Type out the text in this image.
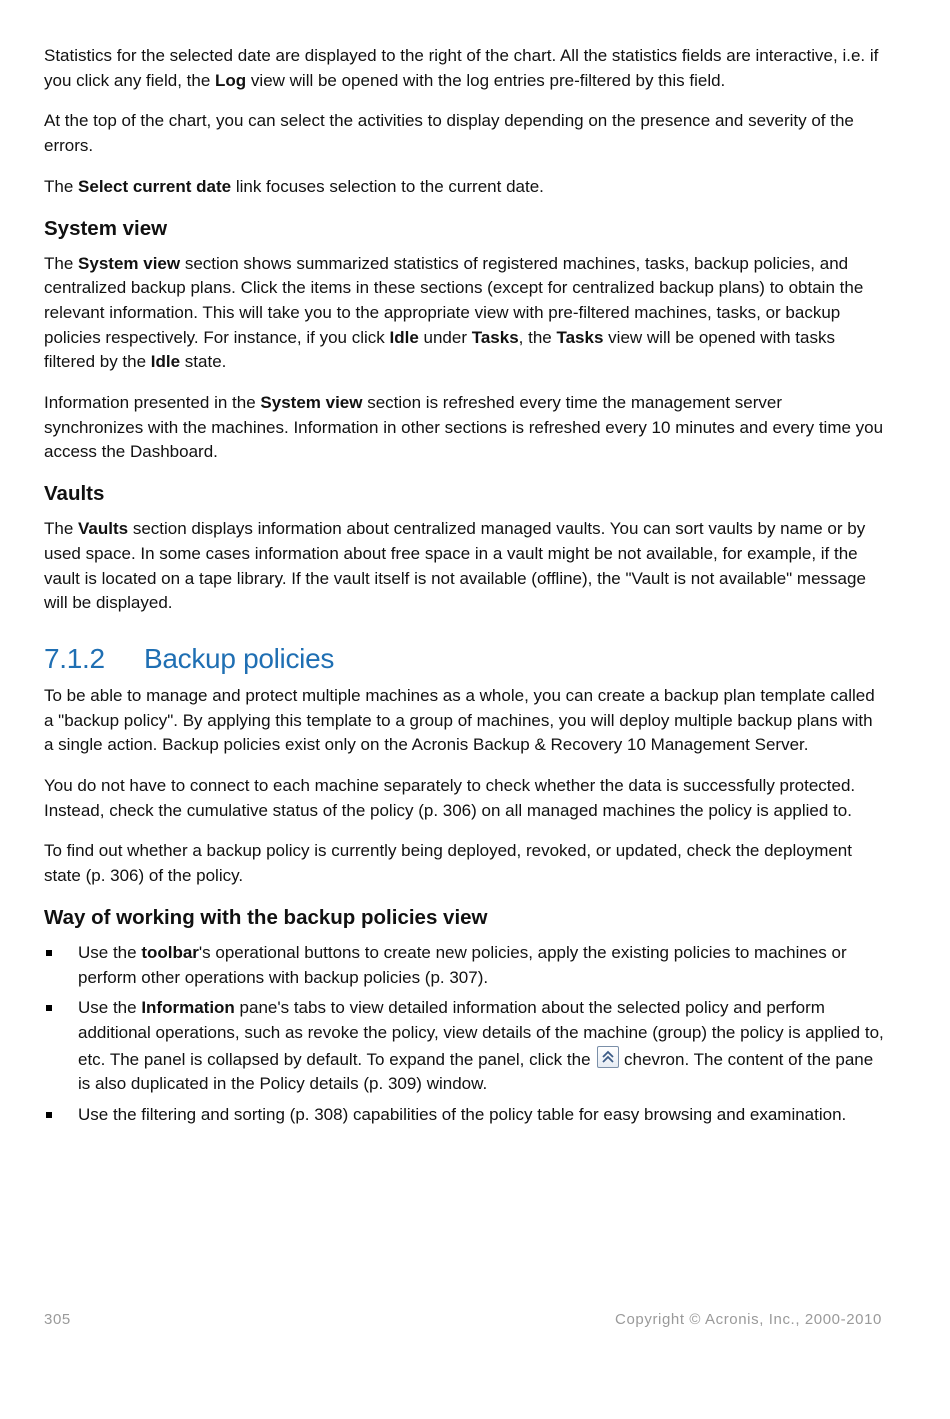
Statistics for the selected date are displayed to the right of the chart. All the statistics fields are interactive, i.e. if you click any field, the Log view will be opened with the log entries pre-filtered by this field.

At the top of the chart, you can select the activities to display depending on the presence and severity of the errors.

The Select current date link focuses selection to the current date.

System view

The System view section shows summarized statistics of registered machines, tasks, backup policies, and centralized backup plans. Click the items in these sections (except for centralized backup plans) to obtain the relevant information. This will take you to the appropriate view with pre-filtered machines, tasks, or backup policies respectively. For instance, if you click Idle under Tasks, the Tasks view will be opened with tasks filtered by the Idle state.

Information presented in the System view section is refreshed every time the management server synchronizes with the machines. Information in other sections is refreshed every 10 minutes and every time you access the Dashboard.

Vaults

The Vaults section displays information about centralized managed vaults. You can sort vaults by name or by used space. In some cases information about free space in a vault might be not available, for example, if the vault is located on a tape library. If the vault itself is not available (offline), the "Vault is not available" message will be displayed.

7.1.2 Backup policies

To be able to manage and protect multiple machines as a whole, you can create a backup plan template called a "backup policy". By applying this template to a group of machines, you will deploy multiple backup plans with a single action. Backup policies exist only on the Acronis Backup & Recovery 10 Management Server.

You do not have to connect to each machine separately to check whether the data is successfully protected. Instead, check the cumulative status of the policy (p. 306) on all managed machines the policy is applied to.

To find out whether a backup policy is currently being deployed, revoked, or updated, check the deployment state (p. 306) of the policy.

Way of working with the backup policies view
Use the toolbar's operational buttons to create new policies, apply the existing policies to machines or perform other operations with backup policies (p. 307).
Use the Information pane's tabs to view detailed information about the selected policy and perform additional operations, such as revoke the policy, view details of the machine (group) the policy is applied to, etc. The panel is collapsed by default. To expand the panel, click the
chevron. The content of the pane is also duplicated in the Policy details (p. 309) window.
Use the filtering and sorting (p. 308) capabilities of the policy table for easy browsing and examination.
305	Copyright © Acronis, Inc., 2000-2010
